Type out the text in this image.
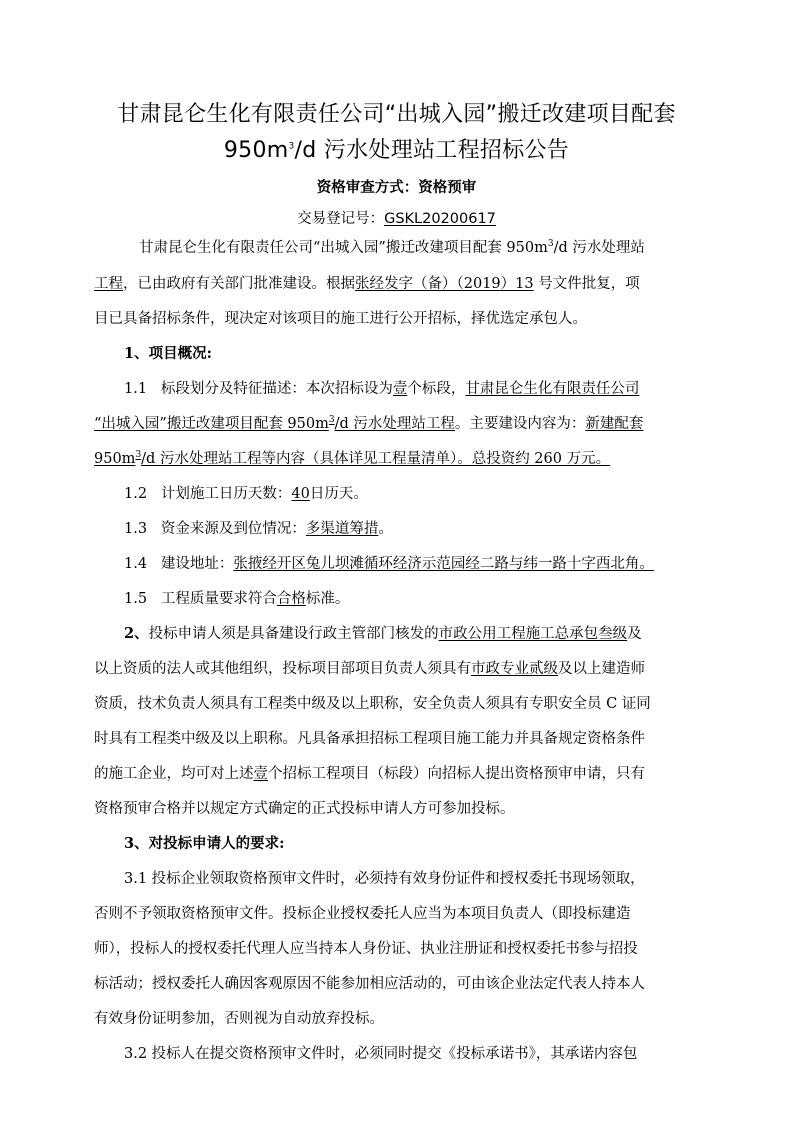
甘肃昆仑生化有限责任公司“出城入园”搬迁改建项目配套
$950m^3/d$ 污水处理站工程招标公告
资格审查方式：资格预审
交易登记号：GSKL20200617
甘肃昆仑生化有限责任公司“出城入园”搬迁改建项目配套 $950m^3/d$ 污水处理站
工程，已由政府有关部门批准建设。根据张经发字（备）（2019）13 号文件批复，项
目已具备招标条件，现决定对该项目的施工进行公开招标，择优选定承包人。
1、项目概况:
1.1 标段划分及特征描述：本次招标设为壹个标段，甘肃昆仑生化有限责任公司
“出城入园”搬迁改建项目配套 $950m^3/d$ 污水处理站工程。主要建设内容为：新建配套
$950m^3/d$ 污水处理站工程等内容（具体详见工程量清单）。总投资约 260 万元。
1.2 计划施工日历天数：40日历天。
1.3 资金来源及到位情况：多渠道筹措。
1.4 建设地址：张掖经开区兔儿坝滩循环经济示范园经二路与纬一路十字西北角。
1.5 工程质量要求符合合格标准。
2、投标申请人须是具备建设行政主管部门核发的市政公用工程施工总承包叁级及
以上资质的法人或其他组织，投标项目部项目负责人须具有市政专业贰级及以上建造师
资质，技术负责人须具有工程类中级及以上职称，安全负责人须具有专职安全员 C 证同
时具有工程类中级及以上职称。凡具备承担招标工程项目施工能力并具备规定资格条件
的施工企业，均可对上述壹个招标工程项目（标段）向招标人提出资格预审申请，只有
资格预审合格并以规定方式确定的正式投标申请人方可参加投标。
3、对投标申请人的要求:
3.1 投标企业领取资格预审文件时，必须持有效身份证件和授权委托书现场领取，
否则不予领取资格预审文件。投标企业授权委托人应当为本项目负责人（即投标建造
师），投标人的授权委托代理人应当持本人身份证、执业注册证和授权委托书参与招投
标活动；授权委托人确因客观原因不能参加相应活动的，可由该企业法定代表人持本人
有效身份证明参加，否则视为自动放弃投标。
3.2 投标人在提交资格预审文件时，必须同时提交《投标承诺书》，其承诺内容包
